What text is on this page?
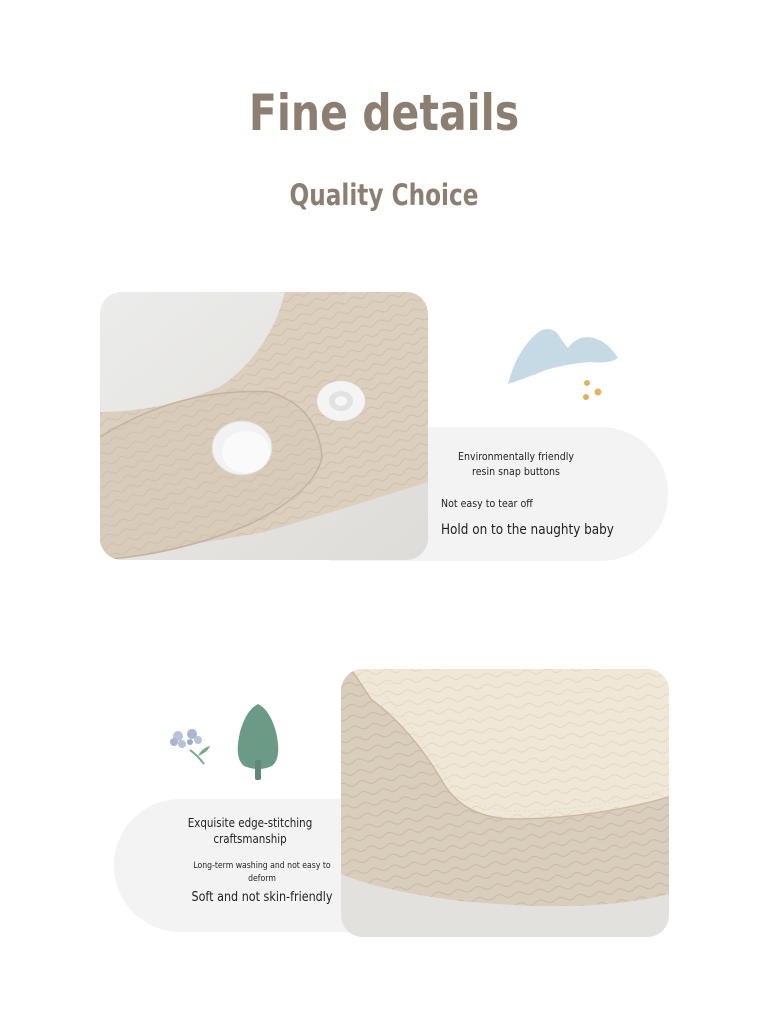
Fine details
Quality Choice
Environmentally friendly resin snap buttons
Not easy to tear off
Hold on to the naughty baby
Exquisite edge-stitching craftsmanship
Long-term washing and not easy to deform
Soft and not skin-friendly
